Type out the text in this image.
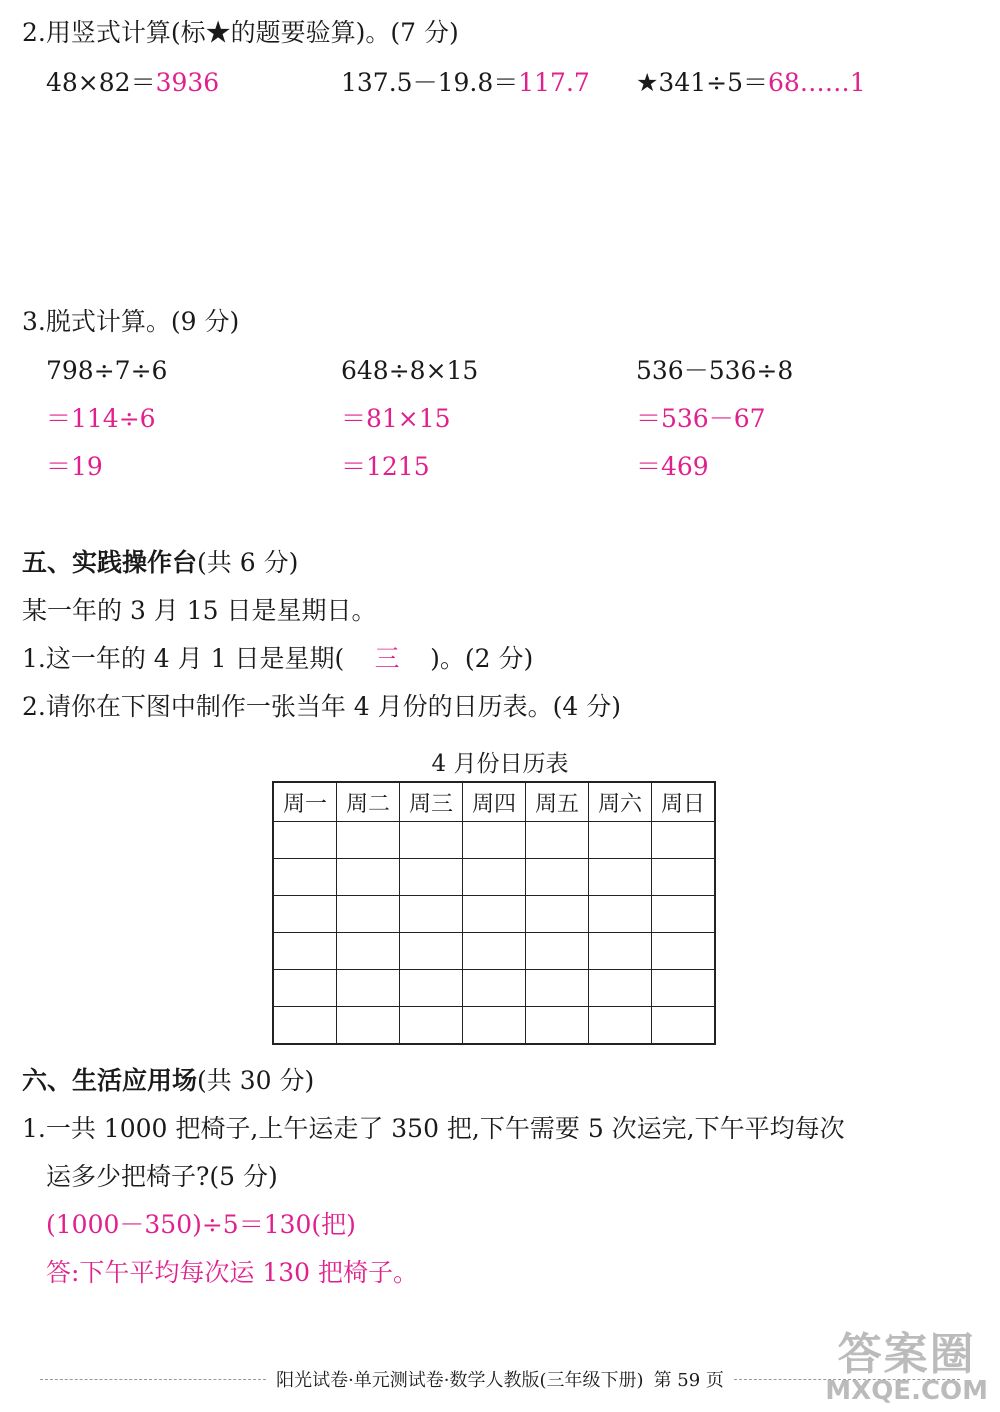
2.用竖式计算(标★的题要验算)。(7 分)
48×82＝3936	137.5－19.8＝117.7 ★341÷5＝68……1
3.脱式计算。(9 分)
798÷7÷6
＝114÷6
＝19
648÷8×15
＝81×15
＝1215
536－536÷8
＝536－67
＝469
五、实践操作台(共 6 分)
某一年的 3 月 15 日是星期日。
1.这一年的 4 月 1 日是星期( 三 )。(2 分)
2.请你在下图中制作一张当年 4 月份的日历表。(4 分)
4 月份日历表
周一	周二	周三	周四	周五	周六	周日

六、生活应用场(共 30 分)
1.一共 1000 把椅子,上午运走了 350 把,下午需要 5 次运完,下午平均每次
运多少把椅子?(5 分)
(1000－350)÷5＝130(把)
答:下午平均每次运 130 把椅子。
阳光试卷·单元测试卷·数学人教版(三年级下册) 第 59 页
答案圈
MXQE.COM
